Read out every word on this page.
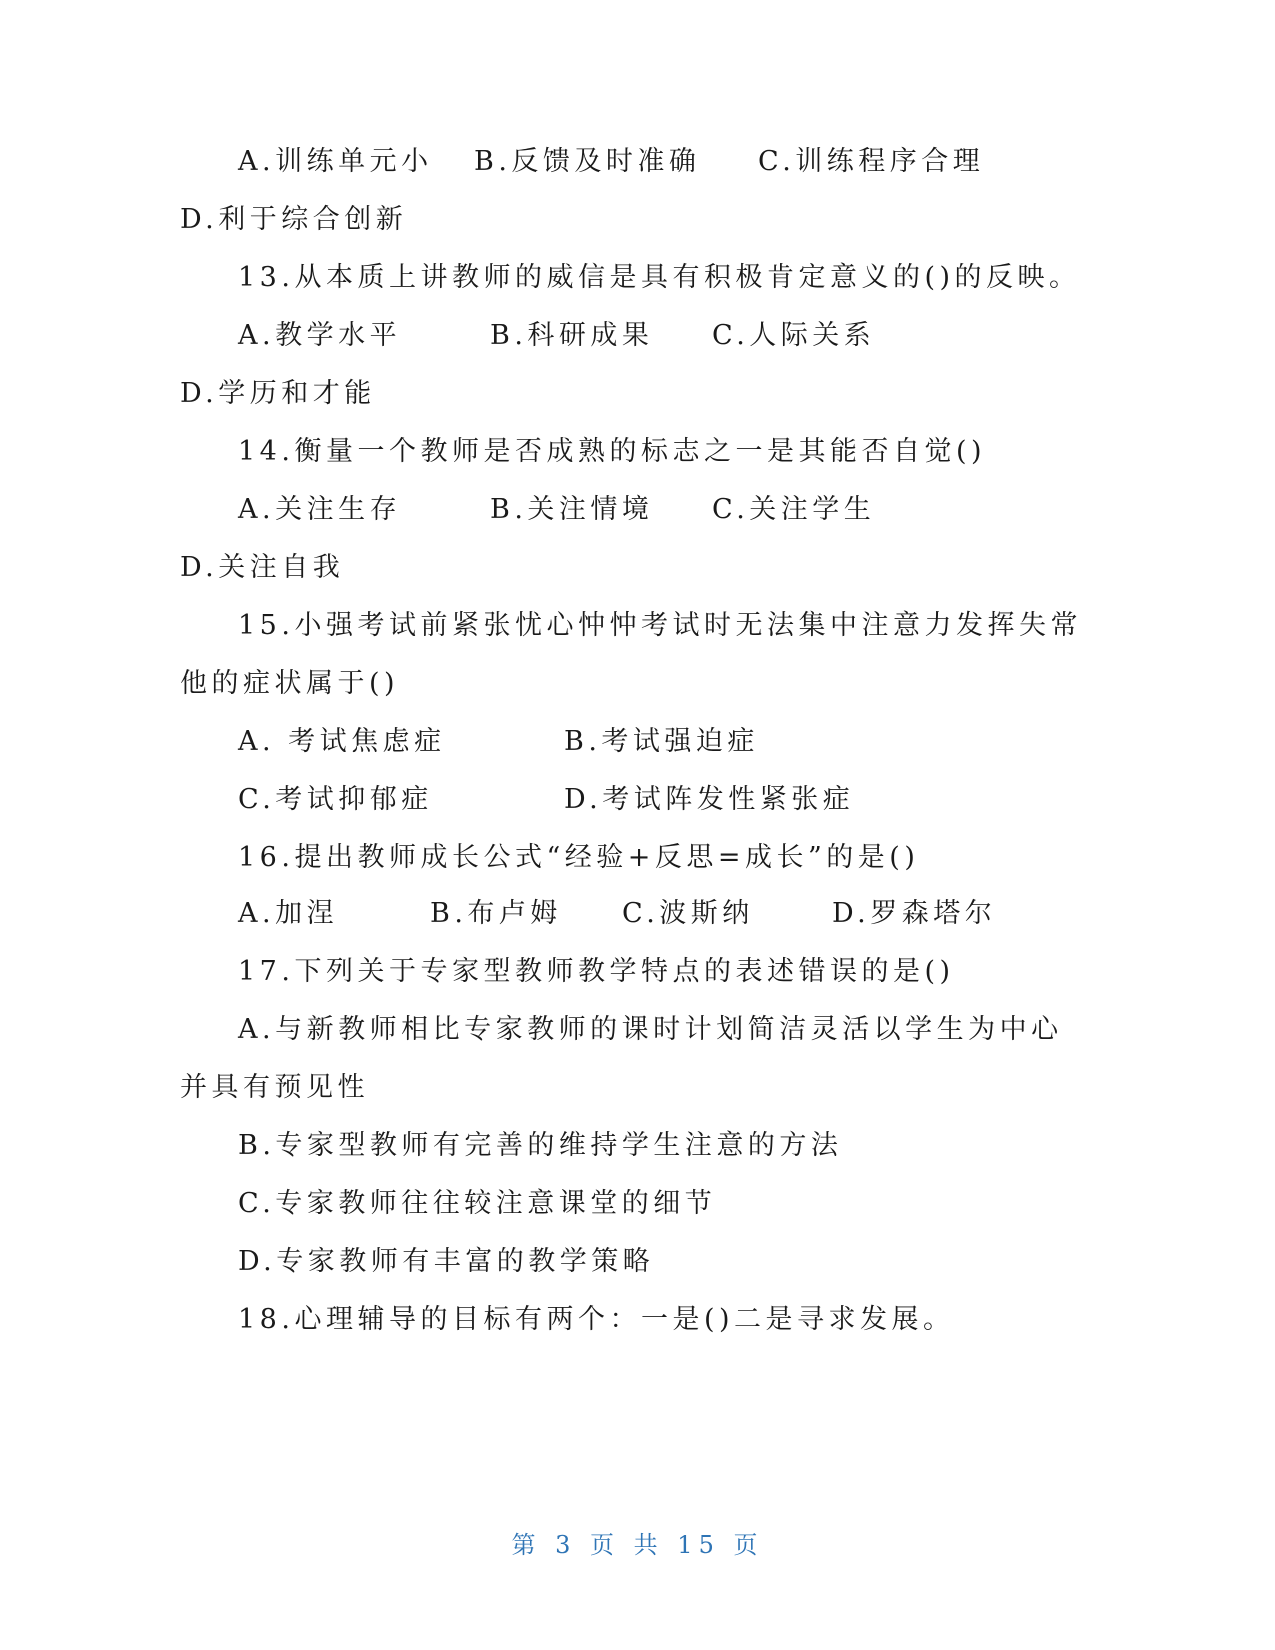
A.训练单元小 B.反馈及时准确 C.训练程序合理
D.利于综合创新
13.从本质上讲教师的威信是具有积极肯定意义的()的反映。
A.教学水平	B.科研成果 C.人际关系
D.学历和才能
14.衡量一个教师是否成熟的标志之一是其能否自觉()
A.关注生存	B.关注情境 C.关注学生
D.关注自我
15.小强考试前紧张忧心忡忡考试时无法集中注意力发挥失常
他的症状属于()
A. 考试焦虑症	B.考试强迫症
C.考试抑郁症	D.考试阵发性紧张症
16.提出教师成长公式“经验+反思=成长”的是()
A.加涅	B.布卢姆 C.波斯纳	D.罗森塔尔
17.下列关于专家型教师教学特点的表述错误的是()
A.与新教师相比专家教师的课时计划简洁灵活以学生为中心
并具有预见性
B.专家型教师有完善的维持学生注意的方法
C.专家教师往往较注意课堂的细节
D.专家教师有丰富的教学策略
18.心理辅导的目标有两个：一是()二是寻求发展。
第 3 页 共 15 页
